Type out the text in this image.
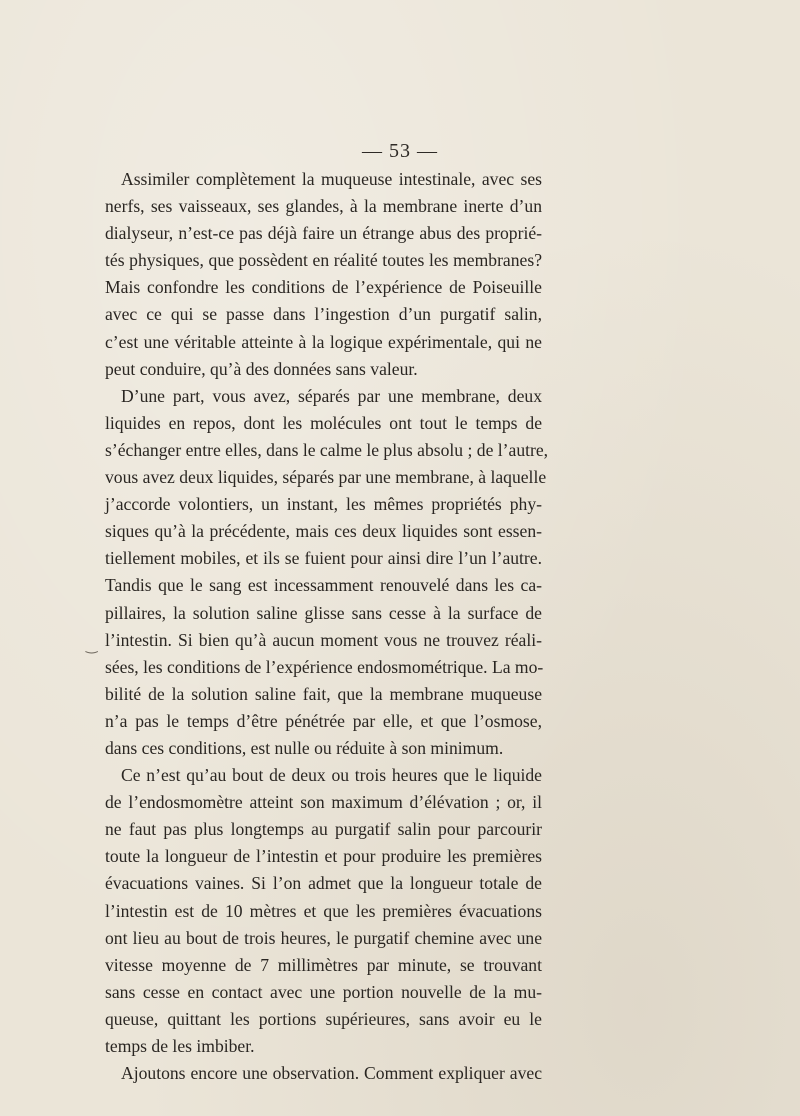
— 53 —
‿
Assimiler complètement la muqueuse intestinale, avec ses
nerfs, ses vaisseaux, ses glandes, à la membrane inerte d’un
dialyseur, n’est-ce pas déjà faire un étrange abus des proprié-
tés physiques, que possèdent en réalité toutes les membranes?
Mais confondre les conditions de l’expérience de Poiseuille
avec ce qui se passe dans l’ingestion d’un purgatif salin,
c’est une véritable atteinte à la logique expérimentale, qui ne
peut conduire, qu’à des données sans valeur.
D’une part, vous avez, séparés par une membrane, deux
liquides en repos, dont les molécules ont tout le temps de
s’échanger entre elles, dans le calme le plus absolu ; de l’autre,
vous avez deux liquides, séparés par une membrane, à laquelle
j’accorde volontiers, un instant, les mêmes propriétés phy-
siques qu’à la précédente, mais ces deux liquides sont essen-
tiellement mobiles, et ils se fuient pour ainsi dire l’un l’autre.
Tandis que le sang est incessamment renouvelé dans les ca-
pillaires, la solution saline glisse sans cesse à la surface de
l’intestin. Si bien qu’à aucun moment vous ne trouvez réali-
sées, les conditions de l’expérience endosmométrique. La mo-
bilité de la solution saline fait, que la membrane muqueuse
n’a pas le temps d’être pénétrée par elle, et que l’osmose,
dans ces conditions, est nulle ou réduite à son minimum.
Ce n’est qu’au bout de deux ou trois heures que le liquide
de l’endosmomètre atteint son maximum d’élévation ; or, il
ne faut pas plus longtemps au purgatif salin pour parcourir
toute la longueur de l’intestin et pour produire les premières
évacuations vaines. Si l’on admet que la longueur totale de
l’intestin est de 10 mètres et que les premières évacuations
ont lieu au bout de trois heures, le purgatif chemine avec une
vitesse moyenne de 7 millimètres par minute, se trouvant
sans cesse en contact avec une portion nouvelle de la mu-
queuse, quittant les portions supérieures, sans avoir eu le
temps de les imbiber.
Ajoutons encore une observation. Comment expliquer avec
